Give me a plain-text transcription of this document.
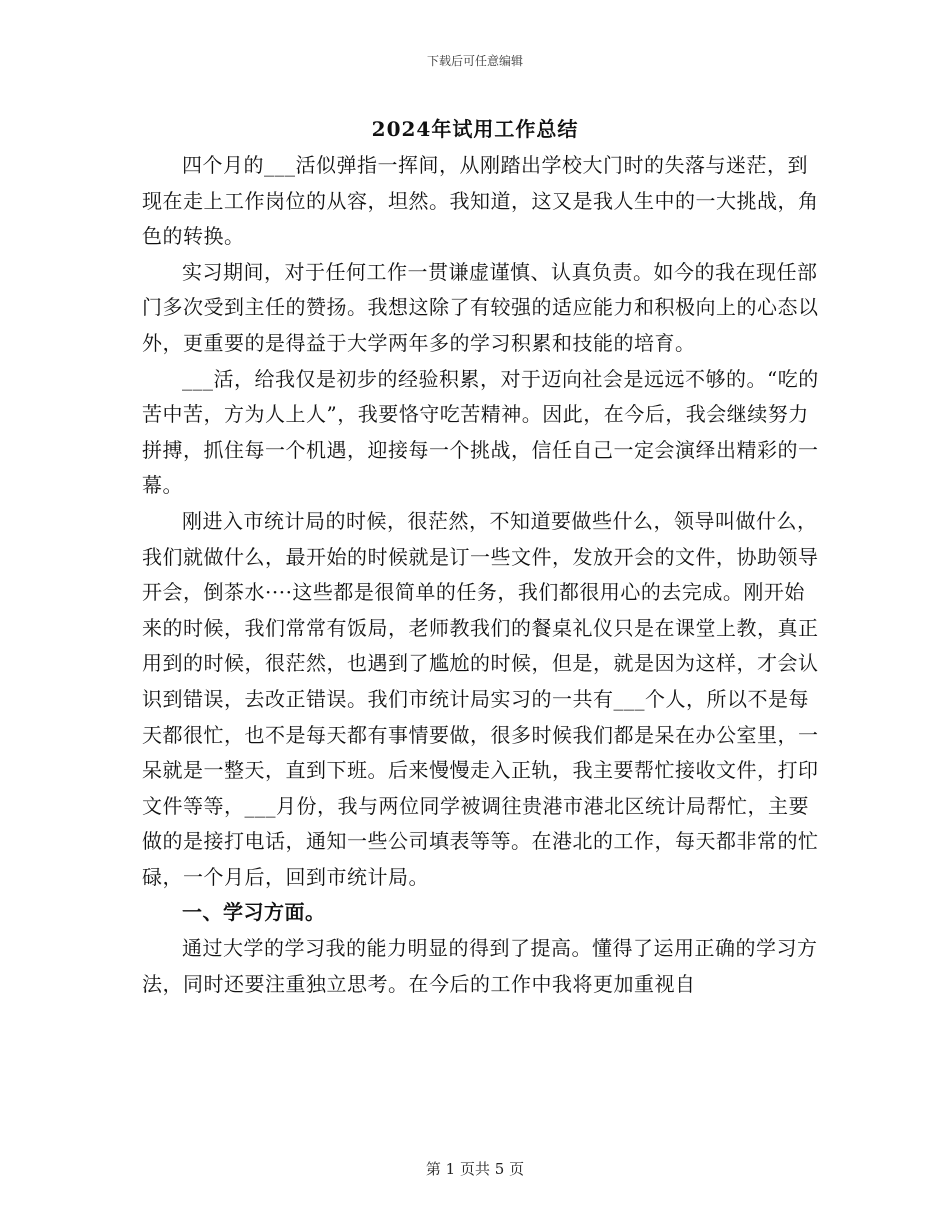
下载后可任意编辑
2024年试用工作总结

四个月的___活似弹指一挥间，从刚踏出学校大门时的失落与迷茫，到现在走上工作岗位的从容，坦然。我知道，这又是我人生中的一大挑战，角色的转换。

实习期间，对于任何工作一贯谦虚谨慎、认真负责。如今的我在现任部门多次受到主任的赞扬。我想这除了有较强的适应能力和积极向上的心态以外，更重要的是得益于大学两年多的学习积累和技能的培育。

___活，给我仅是初步的经验积累，对于迈向社会是远远不够的。“吃的苦中苦，方为人上人”，我要恪守吃苦精神。因此，在今后，我会继续努力拼搏，抓住每一个机遇，迎接每一个挑战，信任自己一定会演绎出精彩的一幕。

刚进入市统计局的时候，很茫然，不知道要做些什么，领导叫做什么，我们就做什么，最开始的时候就是订一些文件，发放开会的文件，协助领导开会，倒茶水····这些都是很简单的任务，我们都很用心的去完成。刚开始来的时候，我们常常有饭局，老师教我们的餐桌礼仪只是在课堂上教，真正用到的时候，很茫然，也遇到了尴尬的时候，但是，就是因为这样，才会认识到错误，去改正错误。我们市统计局实习的一共有___个人，所以不是每天都很忙，也不是每天都有事情要做，很多时候我们都是呆在办公室里，一呆就是一整天，直到下班。后来慢慢走入正轨，我主要帮忙接收文件，打印文件等等，___月份，我与两位同学被调往贵港市港北区统计局帮忙，主要做的是接打电话，通知一些公司填表等等。在港北的工作，每天都非常的忙碌，一个月后，回到市统计局。

一、学习方面。

通过大学的学习我的能力明显的得到了提高。懂得了运用正确的学习方法，同时还要注重独立思考。在今后的工作中我将更加重视自

第 1 页共 5 页
